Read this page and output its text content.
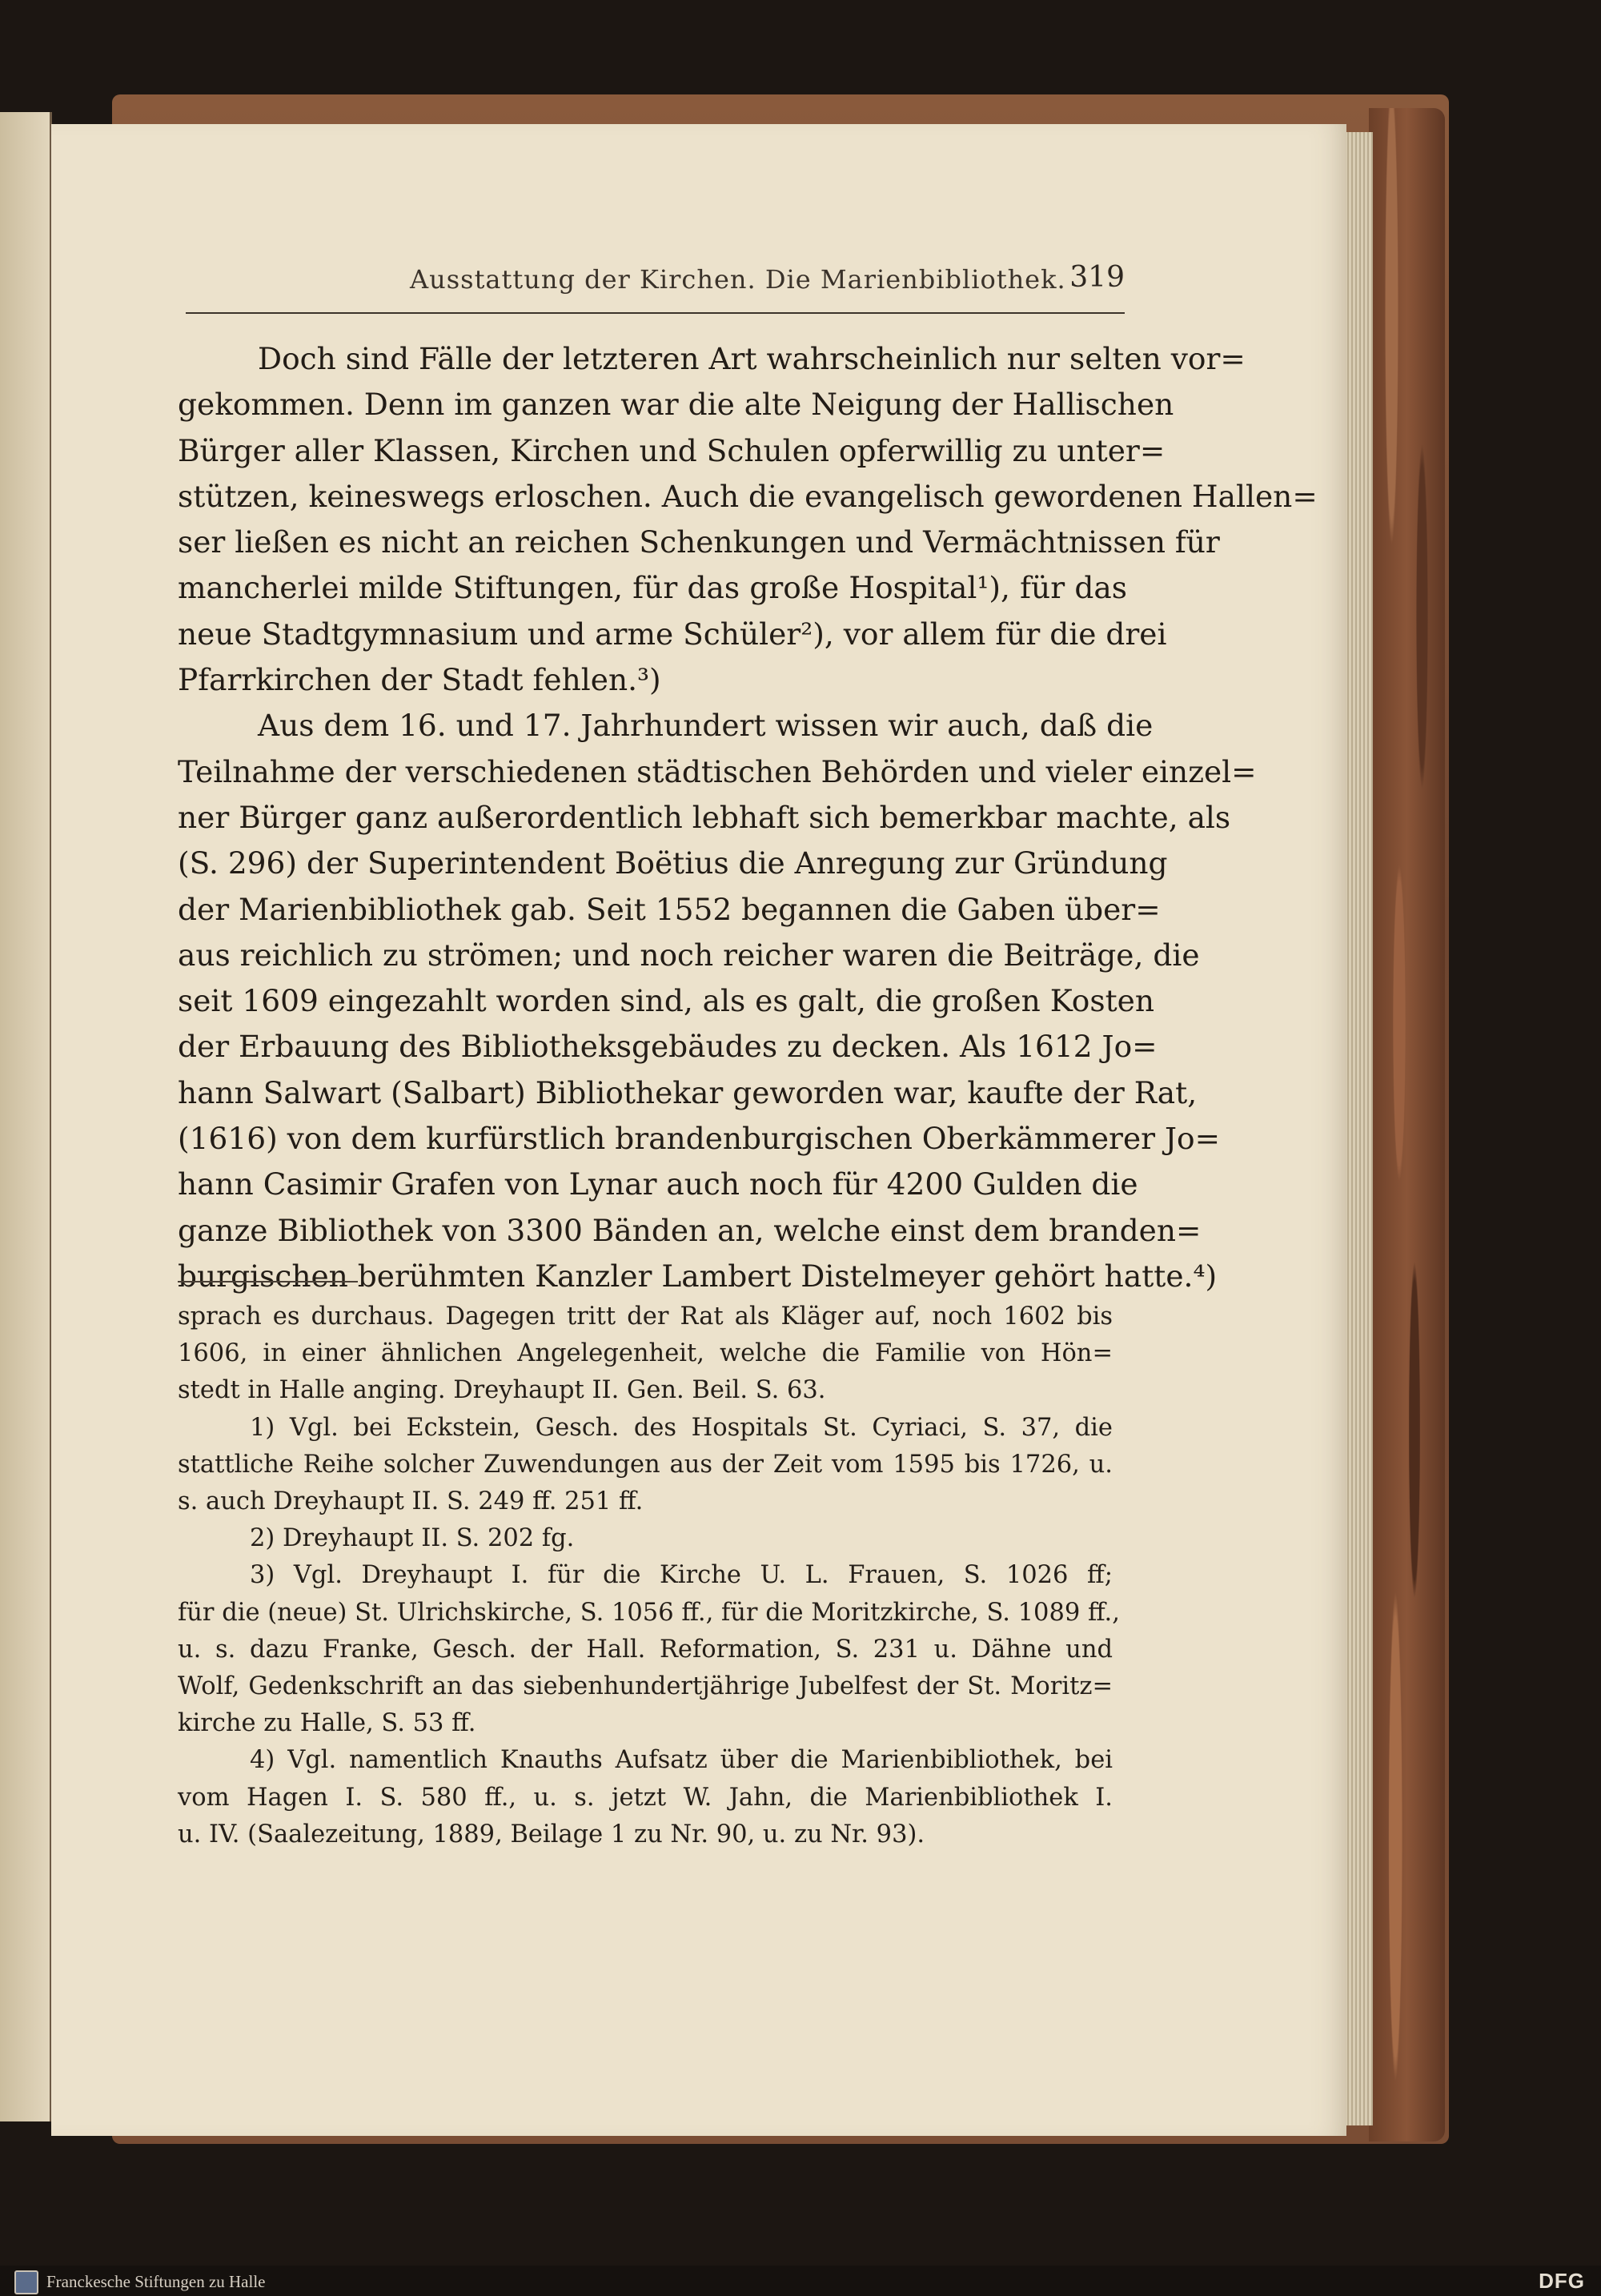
Ausstattung der Kirchen. Die Marienbibliothek. 319
Doch sind Fälle der letzteren Art wahrscheinlich nur selten vor=
gekommen. Denn im ganzen war die alte Neigung der Hallischen
Bürger aller Klassen, Kirchen und Schulen opferwillig zu unter=
stützen, keineswegs erloschen. Auch die evangelisch gewordenen Hallen=
ser ließen es nicht an reichen Schenkungen und Vermächtnissen für
mancherlei milde Stiftungen, für das große Hospital¹), für das
neue Stadtgymnasium und arme Schüler²), vor allem für die drei
Pfarrkirchen der Stadt fehlen.³)
Aus dem 16. und 17. Jahrhundert wissen wir auch, daß die
Teilnahme der verschiedenen städtischen Behörden und vieler einzel=
ner Bürger ganz außerordentlich lebhaft sich bemerkbar machte, als
(S. 296) der Superintendent Boëtius die Anregung zur Gründung
der Marienbibliothek gab. Seit 1552 begannen die Gaben über=
aus reichlich zu strömen; und noch reicher waren die Beiträge, die
seit 1609 eingezahlt worden sind, als es galt, die großen Kosten
der Erbauung des Bibliotheksgebäudes zu decken. Als 1612 Jo=
hann Salwart (Salbart) Bibliothekar geworden war, kaufte der Rat,
(1616) von dem kurfürstlich brandenburgischen Oberkämmerer Jo=
hann Casimir Grafen von Lynar auch noch für 4200 Gulden die
ganze Bibliothek von 3300 Bänden an, welche einst dem branden=
burgischen berühmten Kanzler Lambert Distelmeyer gehört hatte.⁴)
sprach es durchaus. Dagegen tritt der Rat als Kläger auf, noch 1602 bis
1606, in einer ähnlichen Angelegenheit, welche die Familie von Hön=
stedt in Halle anging. Dreyhaupt II. Gen. Beil. S. 63.
1) Vgl. bei Eckstein, Gesch. des Hospitals St. Cyriaci, S. 37, die
stattliche Reihe solcher Zuwendungen aus der Zeit vom 1595 bis 1726, u.
s. auch Dreyhaupt II. S. 249 ff. 251 ff.
2) Dreyhaupt II. S. 202 fg.
3) Vgl. Dreyhaupt I. für die Kirche U. L. Frauen, S. 1026 ff;
für die (neue) St. Ulrichskirche, S. 1056 ff., für die Moritzkirche, S. 1089 ff.,
u. s. dazu Franke, Gesch. der Hall. Reformation, S. 231 u. Dähne und
Wolf, Gedenkschrift an das siebenhundertjährige Jubelfest der St. Moritz=
kirche zu Halle, S. 53 ff.
4) Vgl. namentlich Knauths Aufsatz über die Marienbibliothek, bei
vom Hagen I. S. 580 ff., u. s. jetzt W. Jahn, die Marienbibliothek I.
u. IV. (Saalezeitung, 1889, Beilage 1 zu Nr. 90, u. zu Nr. 93).
Franckesche Stiftungen zu Halle	DFG
